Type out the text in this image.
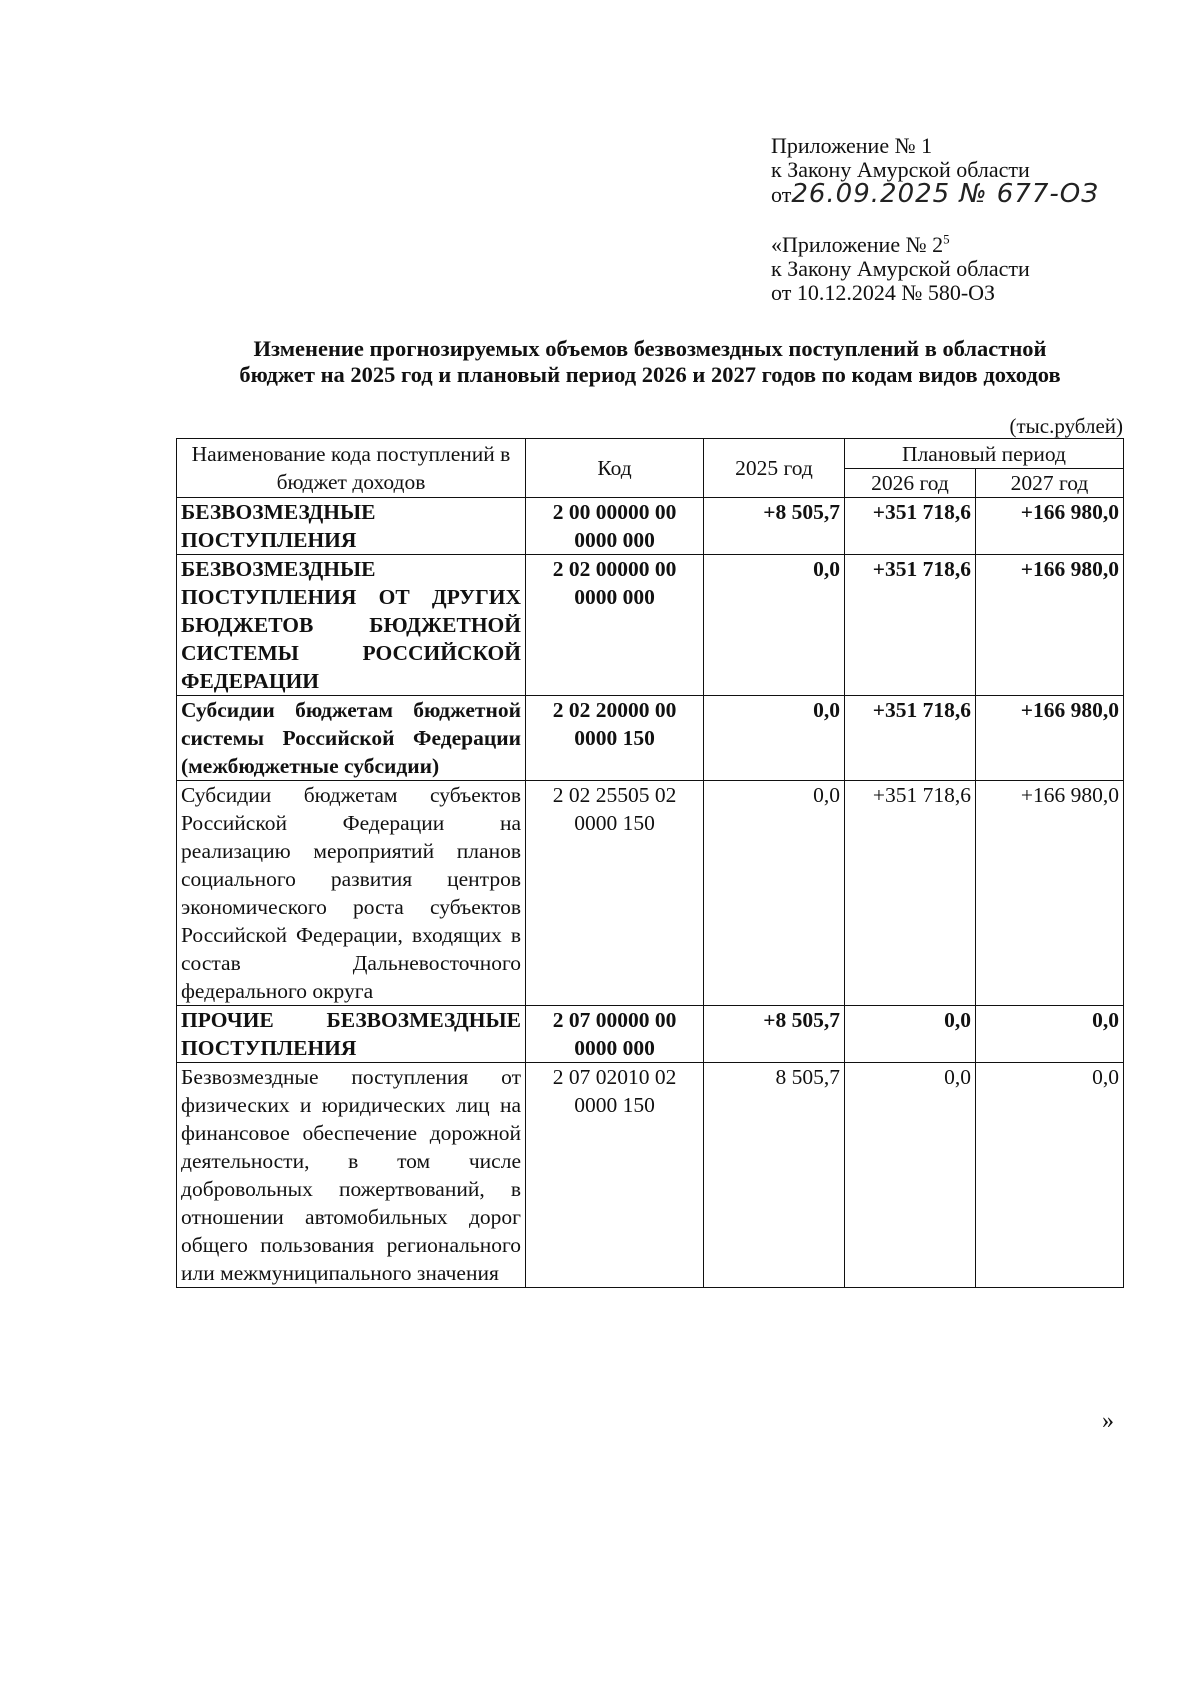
Приложение № 1
к Закону Амурской области
от26.09.2025 № 677-ОЗ
«Приложение № $2^5$
к Закону Амурской области
от 10.12.2024 № 580-ОЗ
Изменение прогнозируемых объемов безвозмездных поступлений в областной
бюджет на 2025 год и плановый период 2026 и 2027 годов по кодам видов доходов
(тыс.рублей)
Наименование кода поступлений в бюджет доходов	Код	2025 год	Плановый период	
			2026 год	2027 год
БЕЗВОЗМЕЗДНЫЕ ПОСТУПЛЕНИЯ	2 00 00000 00 0000 000	+8 505,7	+351 718,6	+166 980,0
БЕЗВОЗМЕЗДНЫЕ ПОСТУПЛЕНИЯ ОТ ДРУГИХ БЮДЖЕТОВ БЮДЖЕТНОЙ СИСТЕМЫ РОССИЙСКОЙ ФЕДЕРАЦИИ	2 02 00000 00 0000 000	0,0	+351 718,6	+166 980,0
Субсидии бюджетам бюджетной системы Российской Федерации (межбюджетные субсидии)	2 02 20000 00 0000 150	0,0	+351 718,6	+166 980,0
Субсидии бюджетам субъектов Российской Федерации на реализацию мероприятий планов социального развития центров экономического роста субъектов Российской Федерации, входящих в состав Дальневосточного федерального округа	2 02 25505 02 0000 150	0,0	+351 718,6	+166 980,0
ПРОЧИЕ БЕЗВОЗМЕЗДНЫЕ ПОСТУПЛЕНИЯ	2 07 00000 00 0000 000	+8 505,7	0,0	0,0
Безвозмездные поступления от физических и юридических лиц на финансовое обеспечение дорожной деятельности, в том числе добровольных пожертвований, в отношении автомобильных дорог общего пользования регионального или межмуниципального значения	2 07 02010 02 0000 150	8 505,7	0,0	0,0
»
